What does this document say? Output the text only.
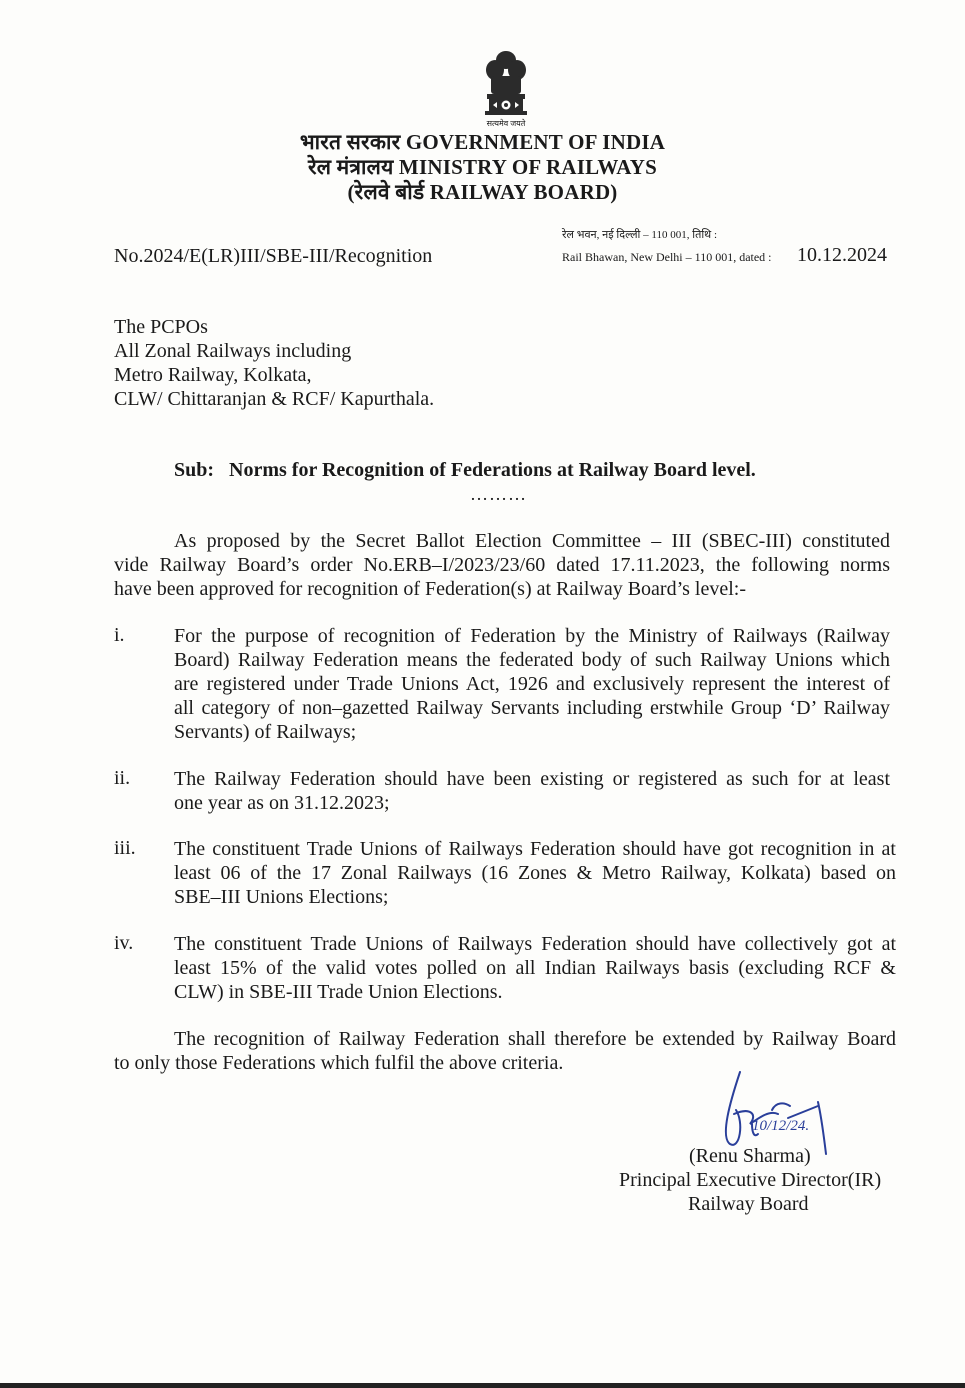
सत्यमेव जयते
भारत सरकार GOVERNMENT OF INDIA
रेल मंत्रालय MINISTRY OF RAILWAYS
(रेलवे बोर्ड RAILWAY BOARD)
No.2024/E(LR)III/SBE-III/Recognition
रेल भवन, नई दिल्ली – 110 001, तिथि :
Rail Bhawan, New Delhi – 110 001, dated : 10.12.2024
The PCPOs
All Zonal Railways including
Metro Railway, Kolkata,
CLW/ Chittaranjan & RCF/ Kapurthala.
Sub: Norms for Recognition of Federations at Railway Board level.
………
As proposed by the Secret Ballot Election Committee – III (SBEC-III) constituted
vide Railway Board’s order No.ERB–I/2023/23/60 dated 17.11.2023, the following norms
have been approved for recognition of Federation(s) at Railway Board’s level:-
i. For the purpose of recognition of Federation by the Ministry of Railways (Railway
Board) Railway Federation means the federated body of such Railway Unions which
are registered under Trade Unions Act, 1926 and exclusively represent the interest of
all category of non–gazetted Railway Servants including erstwhile Group ‘D’ Railway
Servants) of Railways;
ii. The Railway Federation should have been existing or registered as such for at least
one year as on 31.12.2023;
iii. The constituent Trade Unions of Railways Federation should have got recognition in at
least 06 of the 17 Zonal Railways (16 Zones & Metro Railway, Kolkata) based on
SBE–III Unions Elections;
iv. The constituent Trade Unions of Railways Federation should have collectively got at
least 15% of the valid votes polled on all Indian Railways basis (excluding RCF &
CLW) in SBE-III Trade Union Elections.
The recognition of Railway Federation shall therefore be extended by Railway Board
to only those Federations which fulfil the above criteria.
10/12/24.
(Renu Sharma)
Principal Executive Director(IR)
Railway Board
